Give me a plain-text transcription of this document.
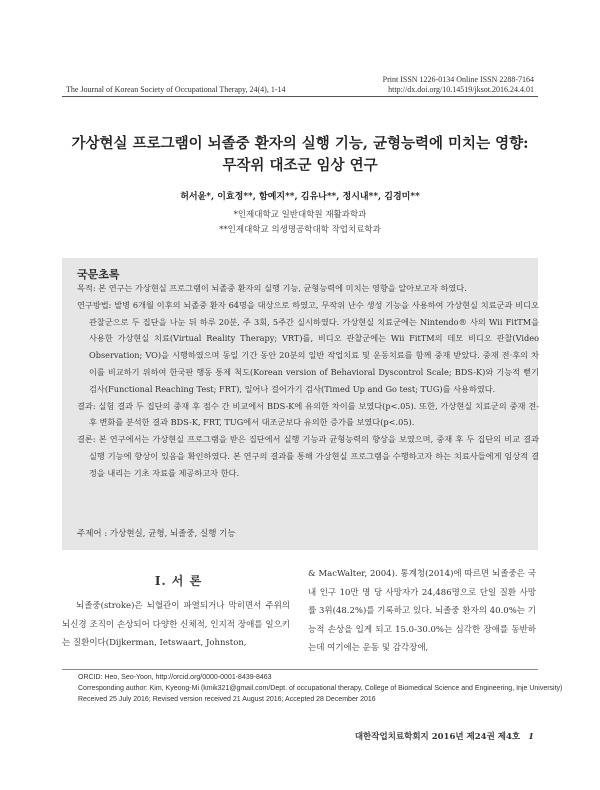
The Journal of Korean Society of Occupational Therapy, 24(4), 1-14
Print ISSN 1226-0134 Online ISSN 2288-7164
http://dx.doi.org/10.14519/jksot.2016.24.4.01
가상현실 프로그램이 뇌졸중 환자의 실행 기능, 균형능력에 미치는 영향:
무작위 대조군 임상 연구
허서윤*, 이효정**, 함예지**, 김유나**, 정시내**, 김경미**
*인제대학교 일반대학원 재활과학과
**인제대학교 의생명공학대학 작업치료학과
국문초록

목적: 본 연구는 가상현실 프로그램이 뇌졸중 환자의 실행 기능, 균형능력에 미치는 영향을 알아보고자 하였다.

연구방법: 발병 6개월 이후의 뇌졸중 환자 64명을 대상으로 하였고, 무작위 난수 생성 기능을 사용하여 가상현실 치료군과 비디오 관찰군으로 두 집단을 나눈 뒤 하루 20분, 주 3회, 5주간 실시하였다. 가상현실 치료군에는 Nintendo® 사의 Wii FitTM을 사용한 가상현실 치료(Virtual Reality Therapy; VRT)를, 비디오 관찰군에는 Wii FitTM의 데모 비디오 관찰(Video Observation; VO)을 시행하였으며 동일 기간 동안 20분의 일반 작업치료 및 운동치료를 함께 중재 받았다. 중재 전·후의 차이를 비교하기 위하여 한국판 행동 통제 척도(Korean version of Behavioral Dyscontrol Scale; BDS-K)와 기능적 뻗기 검사(Functional Reaching Test; FRT), 일어나 걸어가기 검사(Timed Up and Go test; TUG)를 사용하였다.

결과: 실험 결과 두 집단의 중재 후 점수 간 비교에서 BDS-K에 유의한 차이를 보였다(p<.05). 또한, 가상현실 치료군의 중재 전-후 변화를 분석한 결과 BDS-K, FRT, TUG에서 대조군보다 유의한 증가를 보였다(p<.05).

결론: 본 연구에서는 가상현실 프로그램을 받은 집단에서 실행 기능과 균형능력의 향상을 보였으며, 중재 후 두 집단의 비교 결과 실행 기능에 향상이 있음을 확인하였다. 본 연구의 결과를 통해 가상현실 프로그램을 수행하고자 하는 치료사들에게 임상적 결정을 내리는 기초 자료를 제공하고자 한다.

주제어 : 가상현실, 균형, 뇌졸중, 실행 기능
I. 서 론
뇌졸중(stroke)은 뇌혈관이 파열되거나 막히면서 주위의 뇌신경 조직이 손상되어 다양한 신체적, 인지적 장애를 일으키는 질환이다(Dijkerman, Ietswaart, Johnston,
& MacWalter, 2004). 통계청(2014)에 따르면 뇌졸중은 국내 인구 10만 명 당 사망자가 24,486명으로 단일 질환 사망률 3위(48.2%)를 기록하고 있다. 뇌졸중 환자의 40.0%는 기능적 손상을 입게 되고 15.0-30.0%는 심각한 장애를 동반하는데 여기에는 운동 및 감각장애,
ORCID: Heo, Seo-Yoon, http://orcid.org/0000-0001-8439-8463
Corresponding author: Kim, Kyeong-Mi (kmik321@gmail.com/Dept. of occupational therapy, College of Biomedical Science and Engineering, Inje University)
Received 25 July 2016; Revised version received 21 August 2016; Accepted 28 December 2016
대한작업치료학회지 2016년 제24권 제4호 1
